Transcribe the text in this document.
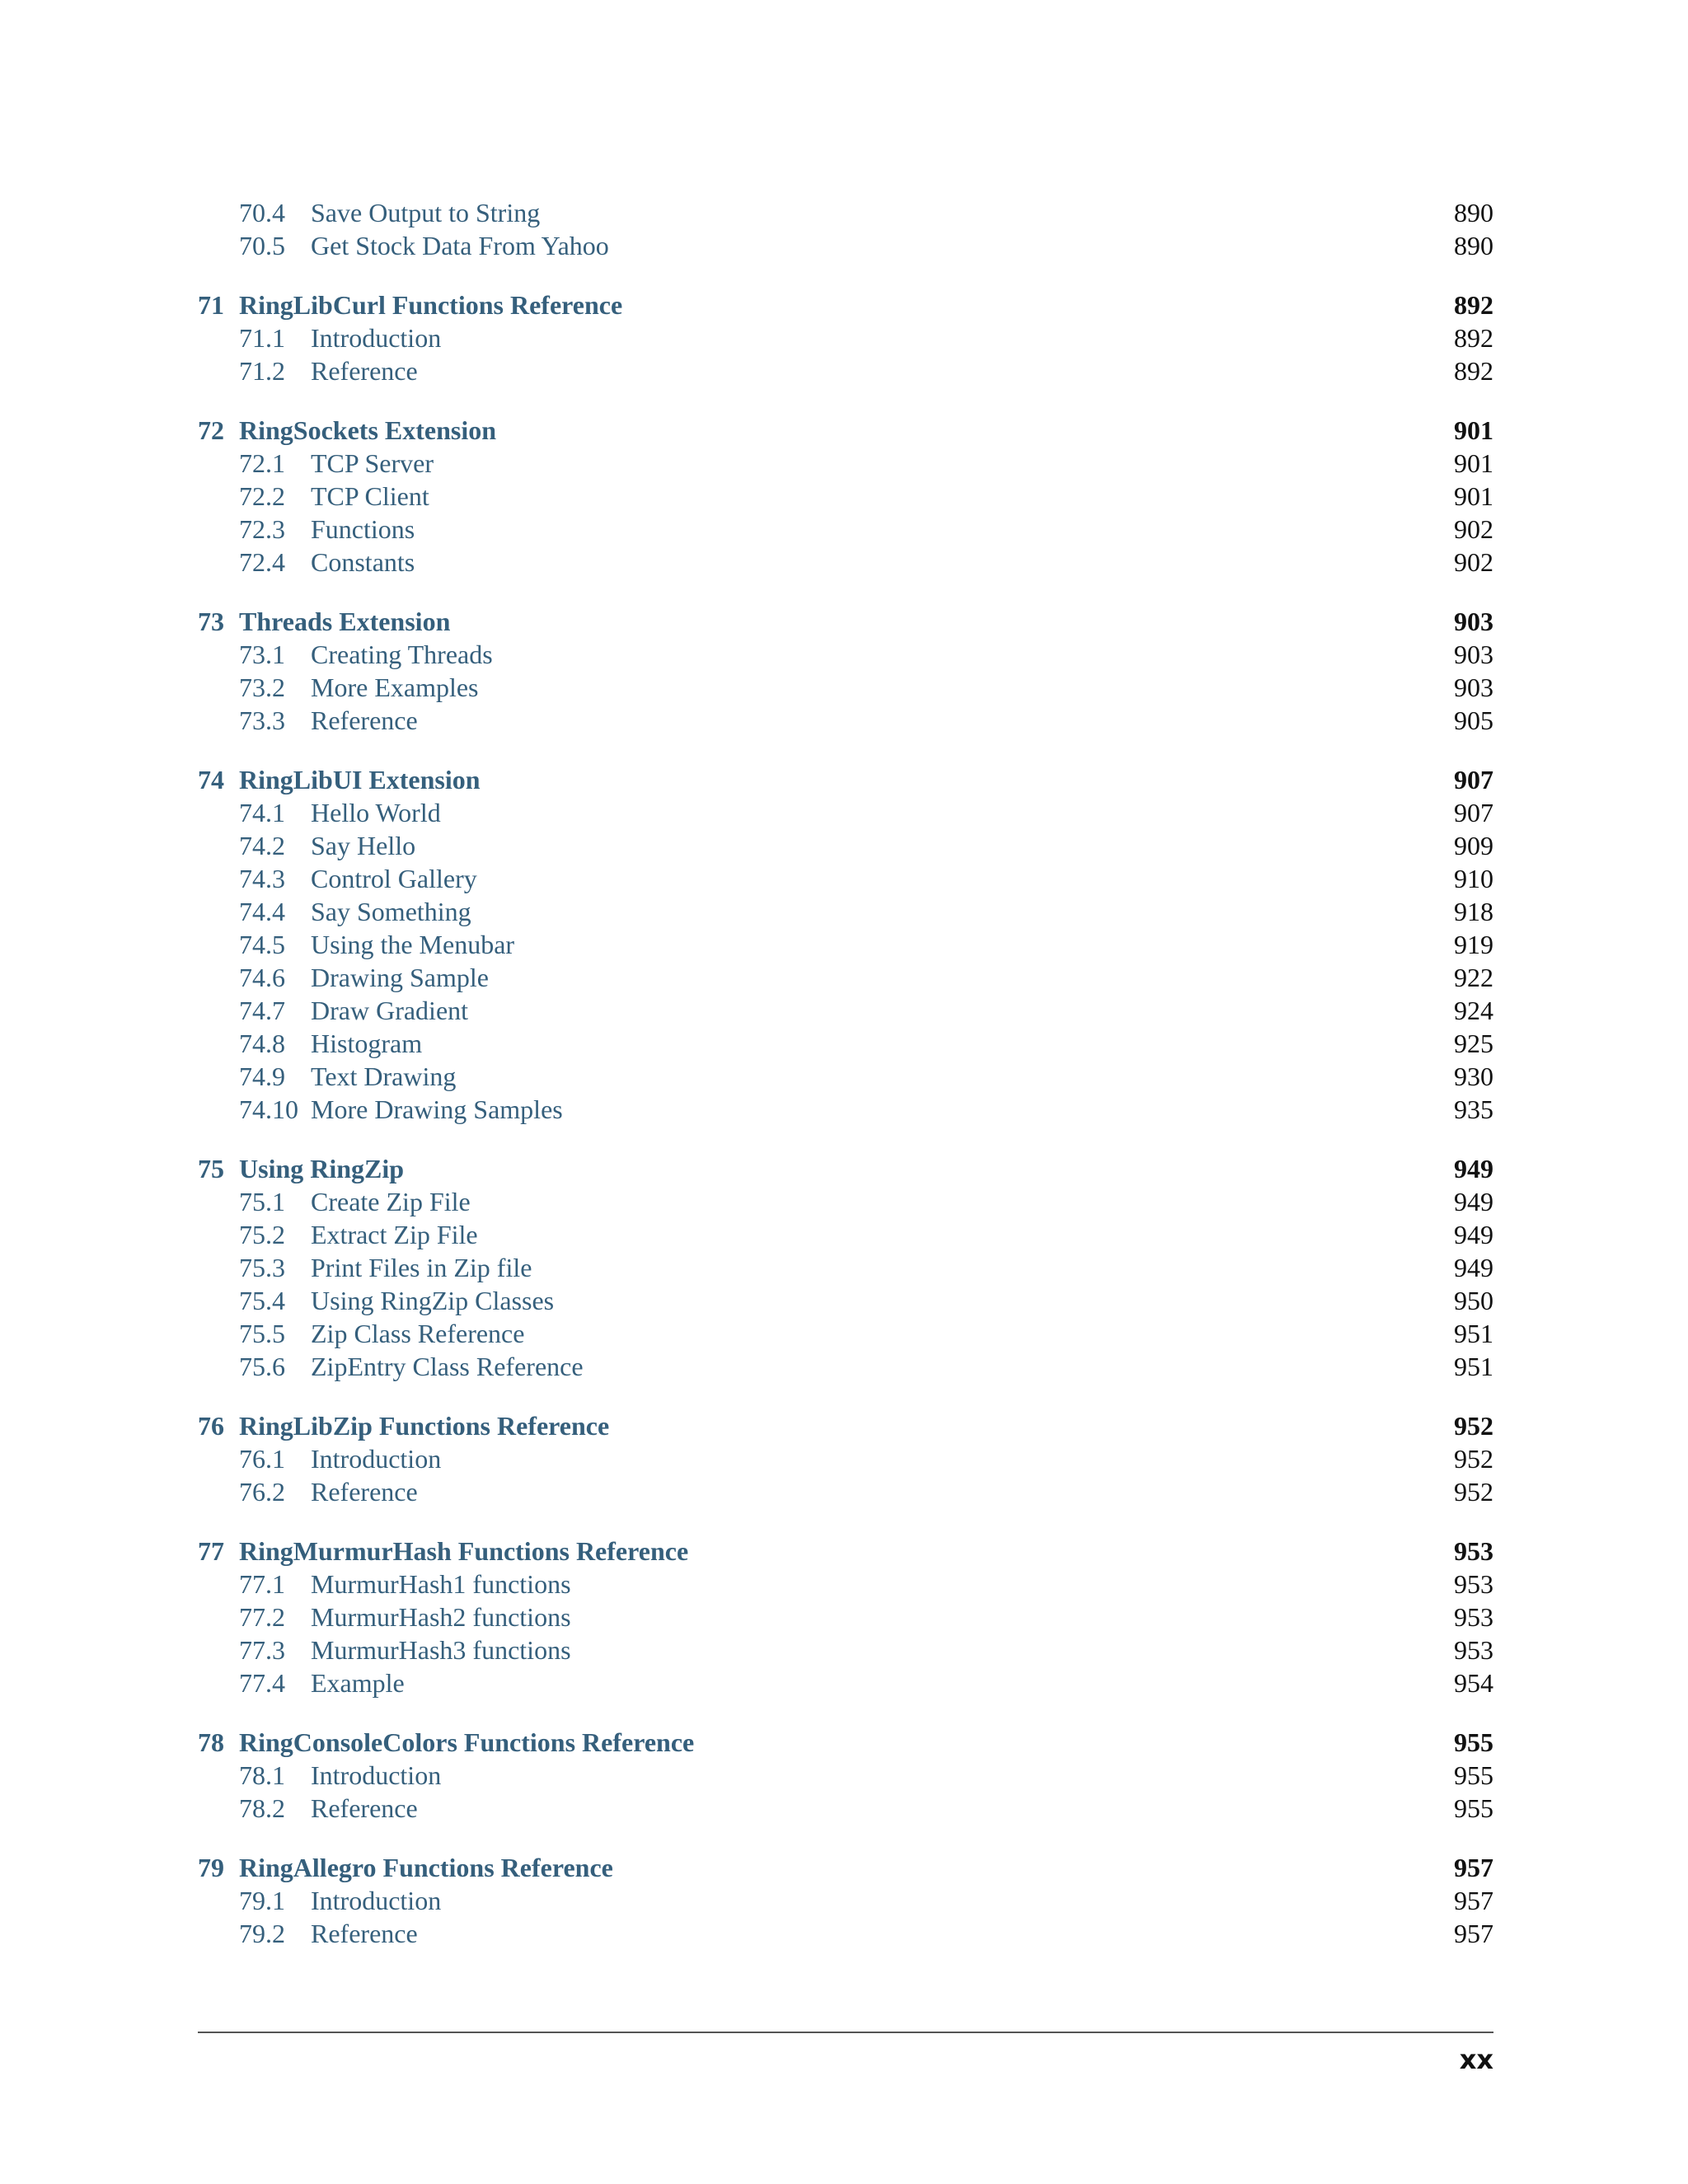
70.4 Save Output to String	890
70.5 Get Stock Data From Yahoo	890
71 RingLibCurl Functions Reference	892
71.1 Introduction	892
71.2 Reference	892
72 RingSockets Extension	901
72.1 TCP Server	901
72.2 TCP Client	901
72.3 Functions	902
72.4 Constants	902
73 Threads Extension	903
73.1 Creating Threads	903
73.2 More Examples	903
73.3 Reference	905
74 RingLibUI Extension	907
74.1 Hello World	907
74.2 Say Hello	909
74.3 Control Gallery	910
74.4 Say Something	918
74.5 Using the Menubar	919
74.6 Drawing Sample	922
74.7 Draw Gradient	924
74.8 Histogram	925
74.9 Text Drawing	930
74.10 More Drawing Samples	935
75 Using RingZip	949
75.1 Create Zip File	949
75.2 Extract Zip File	949
75.3 Print Files in Zip file	949
75.4 Using RingZip Classes	950
75.5 Zip Class Reference	951
75.6 ZipEntry Class Reference	951
76 RingLibZip Functions Reference	952
76.1 Introduction	952
76.2 Reference	952
77 RingMurmurHash Functions Reference	953
77.1 MurmurHash1 functions	953
77.2 MurmurHash2 functions	953
77.3 MurmurHash3 functions	953
77.4 Example	954
78 RingConsoleColors Functions Reference	955
78.1 Introduction	955
78.2 Reference	955
79 RingAllegro Functions Reference	957
79.1 Introduction	957
79.2 Reference	957
xx
